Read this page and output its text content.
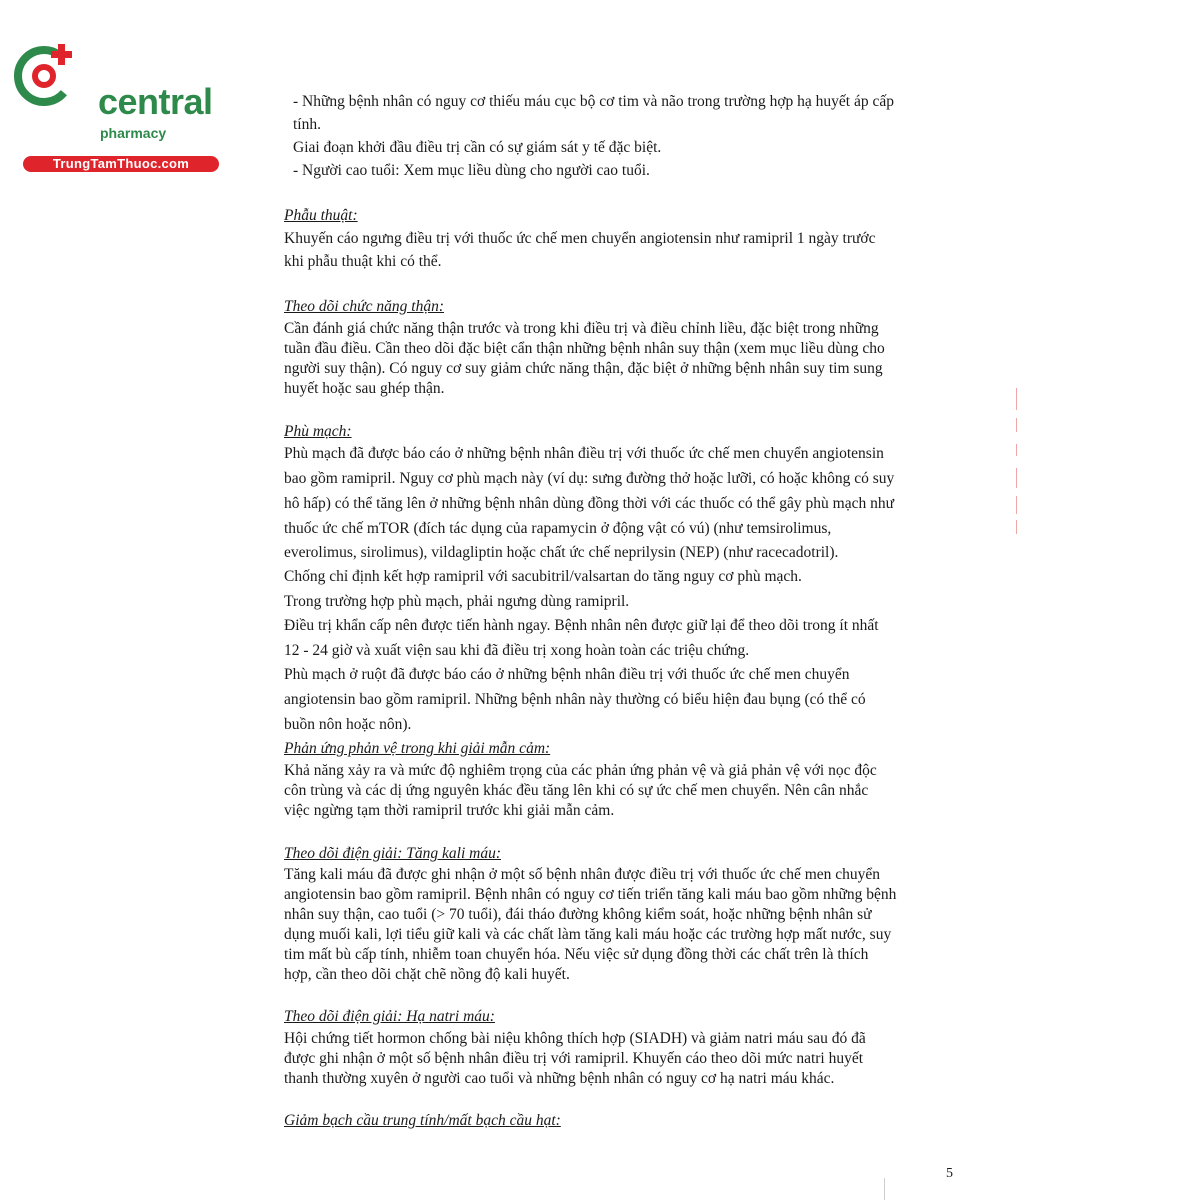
central
pharmacy
TrungTamThuoc.com
- Những bệnh nhân có nguy cơ thiếu máu cục bộ cơ tim và não trong trường hợp hạ huyết áp cấp
tính.
Giai đoạn khởi đầu điều trị cần có sự giám sát y tế đặc biệt.
- Người cao tuổi: Xem mục liều dùng cho người cao tuổi.
Phẫu thuật:
Khuyến cáo ngưng điều trị với thuốc ức chế men chuyển angiotensin như ramipril 1 ngày trước
khi phẫu thuật khi có thể.
Theo dõi chức năng thận:
Cần đánh giá chức năng thận trước và trong khi điều trị và điều chỉnh liều, đặc biệt trong những
tuần đầu điều. Cần theo dõi đặc biệt cẩn thận những bệnh nhân suy thận (xem mục liều dùng cho
người suy thận). Có nguy cơ suy giảm chức năng thận, đặc biệt ở những bệnh nhân suy tim sung
huyết hoặc sau ghép thận.
Phù mạch:
Phù mạch đã được báo cáo ở những bệnh nhân điều trị với thuốc ức chế men chuyển angiotensin
bao gồm ramipril. Nguy cơ phù mạch này (ví dụ: sưng đường thở hoặc lưỡi, có hoặc không có suy
hô hấp) có thể tăng lên ở những bệnh nhân dùng đồng thời với các thuốc có thể gây phù mạch như
thuốc ức chế mTOR (đích tác dụng của rapamycin ở động vật có vú) (như temsirolimus,
everolimus, sirolimus), vildagliptin hoặc chất ức chế neprilysin (NEP) (như racecadotril).
Chống chỉ định kết hợp ramipril với sacubitril/valsartan do tăng nguy cơ phù mạch.
Trong trường hợp phù mạch, phải ngưng dùng ramipril.
Điều trị khẩn cấp nên được tiến hành ngay. Bệnh nhân nên được giữ lại để theo dõi trong ít nhất
12 - 24 giờ và xuất viện sau khi đã điều trị xong hoàn toàn các triệu chứng.
Phù mạch ở ruột đã được báo cáo ở những bệnh nhân điều trị với thuốc ức chế men chuyển
angiotensin bao gồm ramipril. Những bệnh nhân này thường có biểu hiện đau bụng (có thể có
buồn nôn hoặc nôn).
Phản ứng phản vệ trong khi giải mẫn cảm:
Khả năng xảy ra và mức độ nghiêm trọng của các phản ứng phản vệ và giả phản vệ với nọc độc
côn trùng và các dị ứng nguyên khác đều tăng lên khi có sự ức chế men chuyển. Nên cân nhắc
việc ngừng tạm thời ramipril trước khi giải mẫn cảm.
Theo dõi điện giải: Tăng kali máu:
Tăng kali máu đã được ghi nhận ở một số bệnh nhân được điều trị với thuốc ức chế men chuyển
angiotensin bao gồm ramipril. Bệnh nhân có nguy cơ tiến triển tăng kali máu bao gồm những bệnh
nhân suy thận, cao tuổi (> 70 tuổi), đái tháo đường không kiểm soát, hoặc những bệnh nhân sử
dụng muối kali, lợi tiểu giữ kali và các chất làm tăng kali máu hoặc các trường hợp mất nước, suy
tim mất bù cấp tính, nhiễm toan chuyển hóa. Nếu việc sử dụng đồng thời các chất trên là thích
hợp, cần theo dõi chặt chẽ nồng độ kali huyết.
Theo dõi điện giải: Hạ natri máu:
Hội chứng tiết hormon chống bài niệu không thích hợp (SIADH) và giảm natri máu sau đó đã
được ghi nhận ở một số bệnh nhân điều trị với ramipril. Khuyến cáo theo dõi mức natri huyết
thanh thường xuyên ở người cao tuổi và những bệnh nhân có nguy cơ hạ natri máu khác.
Giảm bạch cầu trung tính/mất bạch cầu hạt:
5
